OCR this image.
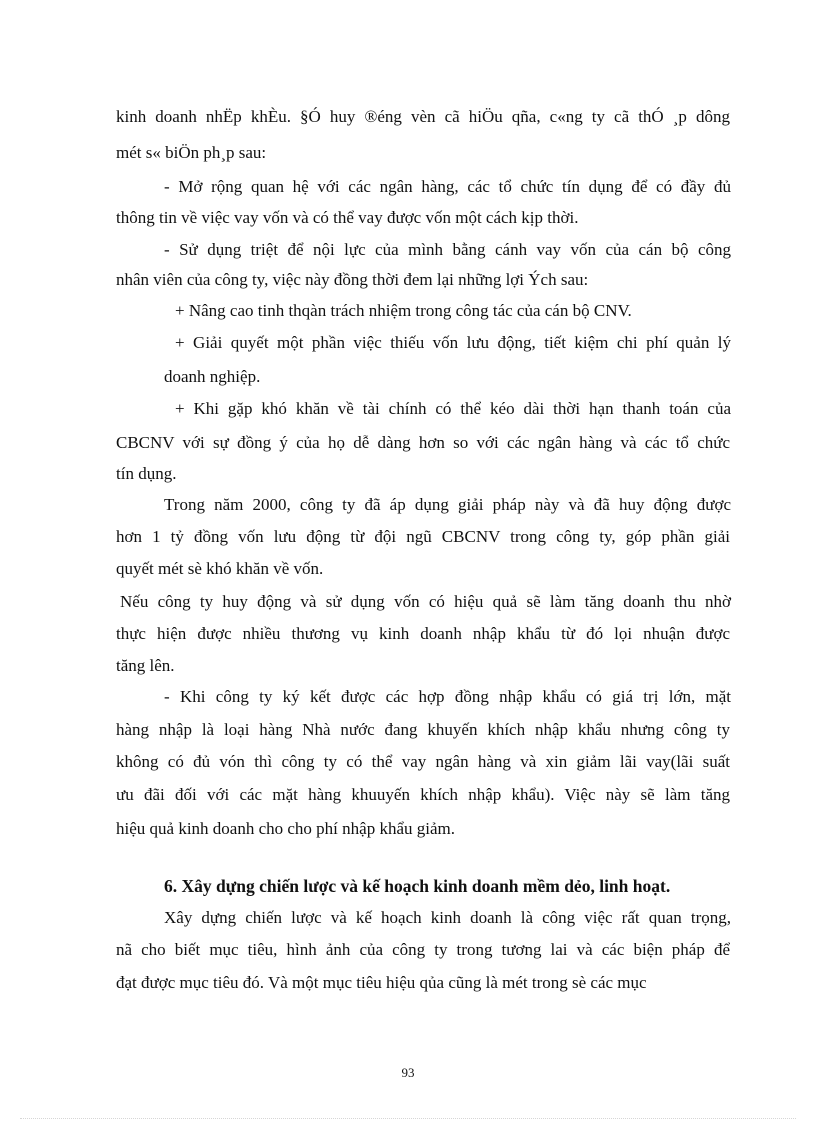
kinh doanh nhËp khÈu. §Ó huy ®éng vèn cã hiÖu qña, c«ng ty cã thÓ ¸p dông
mét s« biÖn ph¸p sau:
- Mở rộng quan hệ với các ngân hàng, các tổ chức tín dụng để có đầy đủ
thông tin về việc vay vốn và có thể vay được vốn một cách kịp thời.
- Sử dụng triệt để nội lực của mình bằng cánh vay vốn của cán bộ công
nhân viên của công ty, việc này đồng thời đem lại những lợi Ých sau:
+ Nâng cao tinh thqàn trách nhiệm trong công tác của cán bộ CNV.
+ Giải quyết một phần việc thiếu vốn lưu động, tiết kiệm chi phí quản lý
doanh nghiệp.
+ Khi gặp khó khăn về tài chính có thể kéo dài thời hạn thanh toán của
CBCNV với sự đồng ý của họ dễ dàng hơn so với các ngân hàng và các tổ chức
tín dụng.
Trong năm 2000, công ty đã áp dụng giải pháp này và đã huy động được
hơn 1 tỷ đồng vốn lưu động từ đội ngũ CBCNV trong công ty, góp phần giải
quyết mét sè khó khăn về vốn.
Nếu công ty huy động và sử dụng vốn có hiệu quả sẽ làm tăng doanh thu nhờ
thực hiện được nhiều thương vụ kinh doanh nhập khẩu từ đó lọi nhuận được
tăng lên.
- Khi công ty ký kết được các hợp đồng nhập khẩu có giá trị lớn, mặt
hàng nhập là loại hàng Nhà nước đang khuyến khích nhập khẩu nhưng công ty
không có đủ vón thì công ty có thể vay ngân hàng và xin giảm lãi vay(lãi suất
ưu đãi đối với các mặt hàng khuuyến khích nhập khẩu). Việc này sẽ làm tăng
hiệu quả kinh doanh cho cho phí nhập khẩu giảm.
6. Xây dựng chiến lược và kế hoạch kinh doanh mềm dẻo, linh hoạt.
Xây dựng chiến lược và kế hoạch kinh doanh là công việc rất quan trọng,
nã cho biết mục tiêu, hình ảnh của công ty trong tương lai và các biện pháp để
đạt được mục tiêu đó. Và một mục tiêu hiệu qủa cũng là mét trong sè các mục
93
